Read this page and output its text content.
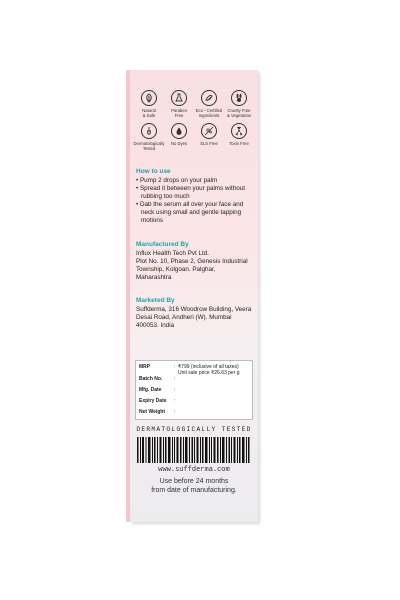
Natural
& Safe
Paraben
Free
Eco - Certified
Ingredients
Cruelty Free
& Vegetarian
Dermatologically
Tested
No Dyes	SLS Free	Toxin Free
How to use
• Pump 2 drops on your palm
• Spread it between your palms without rubbing too much
• Dab the serum all over your face and neck using small and gentle tapping motions
Manufactured By
Influx Health Tech Pvt Ltd.
Plot No. 10, Phase 2, Genesis Industrial Township, Kolgoan. Palghar, Maharashtra
Marketed By
Suffderma, 316 Woodrow Building, Veera Desai Road, Andheri (W). Mumbai 400053. India
MRP	: ₹799 (inclusive of all taxes)
Unit sale price ₹26.63 per g
Batch No.	:
Mfg. Date	:
Expiry Date	:
Net Weight	:
DERMATOLOGICALLY TESTED
www.suffderma.com
Use before 24 months
from date of manufacturing.
